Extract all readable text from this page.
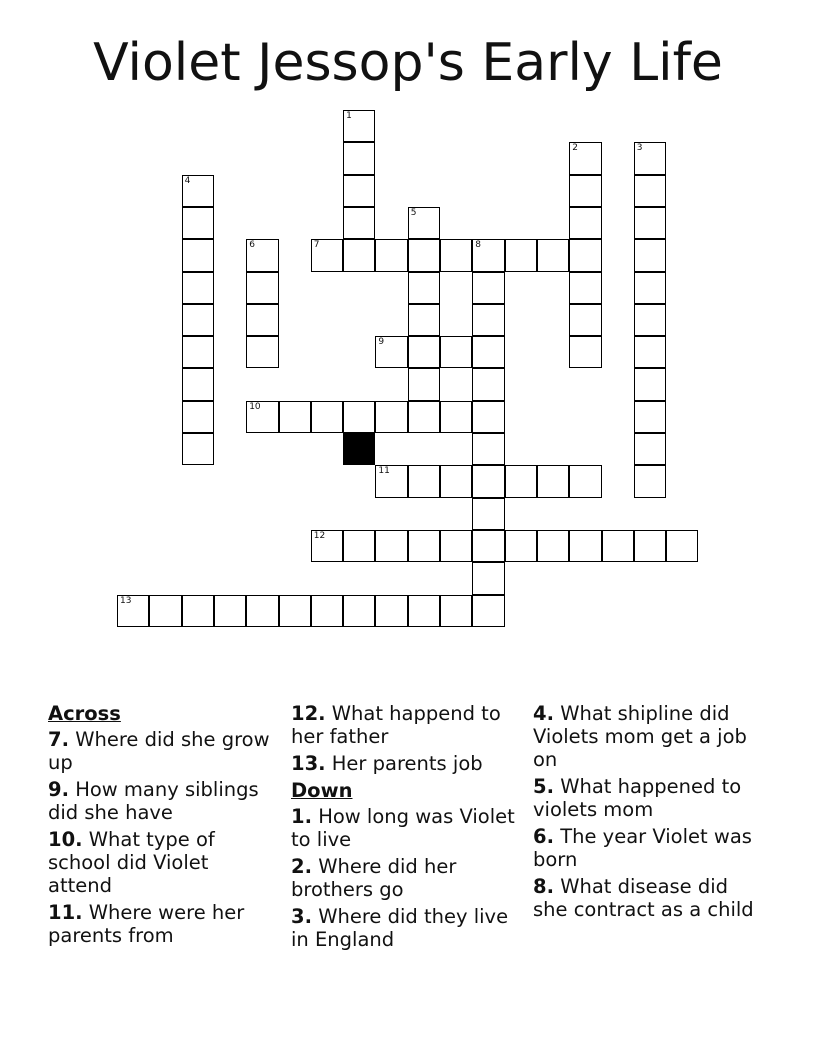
Violet Jessop's Early Life
1
2	3
4
5
6	7	8
9
10
11
12
13
Across
7. Where did she grow up
9. How many siblings did she have
10. What type of school did Violet attend
11. Where were her parents from
12. What happend to her father
13. Her parents job
Down
1. How long was Violet to live
2. Where did her brothers go
3. Where did they live in England
4. What shipline did Violets mom get a job on
5. What happened to violets mom
6. The year Violet was born
8. What disease did she contract as a child
